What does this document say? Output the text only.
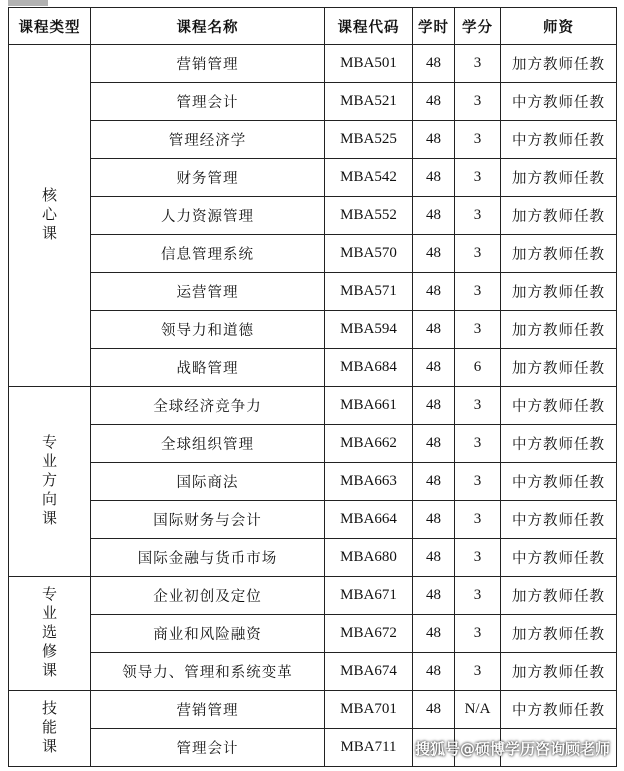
课程类型	课程名称	课程代码	学时	学分	师资
核心课	营销管理	MBA501	48	3	加方教师任教
	管理会计	MBA521	48	3	中方教师任教
	管理经济学	MBA525	48	3	中方教师任教
	财务管理	MBA542	48	3	加方教师任教
	人力资源管理	MBA552	48	3	加方教师任教
	信息管理系统	MBA570	48	3	加方教师任教
	运营管理	MBA571	48	3	加方教师任教
	领导力和道德	MBA594	48	3	加方教师任教
	战略管理	MBA684	48	6	加方教师任教
专业方向课	全球经济竞争力	MBA661	48	3	中方教师任教
	全球组织管理	MBA662	48	3	中方教师任教
	国际商法	MBA663	48	3	中方教师任教
	国际财务与会计	MBA664	48	3	中方教师任教
	国际金融与货币市场	MBA680	48	3	中方教师任教
专业选修课	企业初创及定位	MBA671	48	3	加方教师任教
	商业和风险融资	MBA672	48	3	加方教师任教
	领导力、管理和系统变革	MBA674	48	3	加方教师任教
技能课	营销管理	MBA701	48	N/A	中方教师任教
	管理会计	MBA711			搜狐号@硕博学历咨询顾老师
